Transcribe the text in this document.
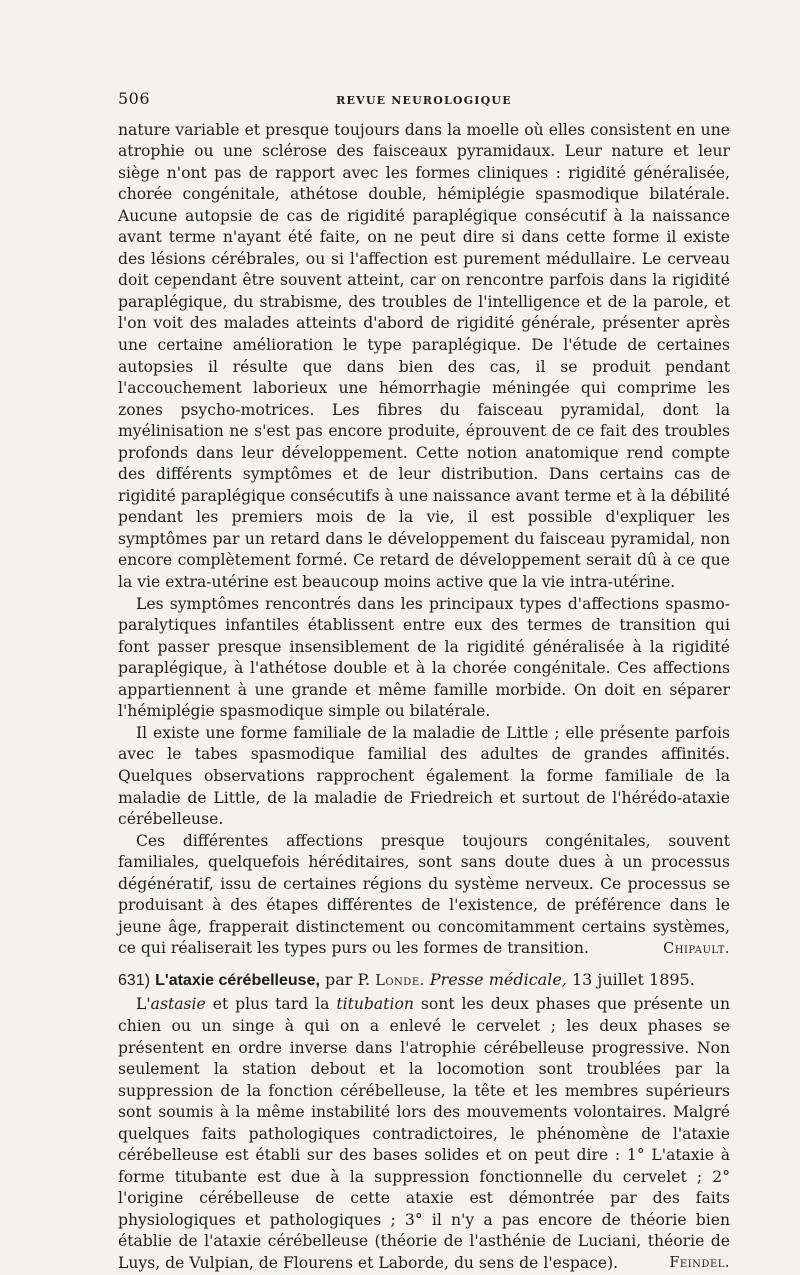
506	REVUE NEUROLOGIQUE

nature variable et presque toujours dans la moelle où elles consistent en une atrophie ou une sclérose des faisceaux pyramidaux. Leur nature et leur siège n'ont pas de rapport avec les formes cliniques : rigidité généralisée, chorée congénitale, athétose double, hémiplégie spasmodique bilatérale. Aucune autopsie de cas de rigidité paraplégique consécutif à la naissance avant terme n'ayant été faite, on ne peut dire si dans cette forme il existe des lésions cérébrales, ou si l'affection est purement médullaire. Le cerveau doit cependant être souvent atteint, car on rencontre parfois dans la rigidité paraplégique, du strabisme, des troubles de l'intelligence et de la parole, et l'on voit des malades atteints d'abord de rigidité générale, présenter après une certaine amélioration le type paraplégique. De l'étude de certaines autopsies il résulte que dans bien des cas, il se produit pendant l'accouchement laborieux une hémorrhagie méningée qui comprime les zones psycho-motrices. Les fibres du faisceau pyramidal, dont la myélinisation ne s'est pas encore produite, éprouvent de ce fait des troubles profonds dans leur développement. Cette notion anatomique rend compte des différents symptômes et de leur distribution. Dans certains cas de rigidité paraplégique consécutifs à une naissance avant terme et à la débilité pendant les premiers mois de la vie, il est possible d'expliquer les symptômes par un retard dans le développement du faisceau pyramidal, non encore complètement formé. Ce retard de développement serait dû à ce que la vie extra-utérine est beaucoup moins active que la vie intra-utérine.

Les symptômes rencontrés dans les principaux types d'affections spasmo-paralytiques infantiles établissent entre eux des termes de transition qui font passer presque insensiblement de la rigidité généralisée à la rigidité paraplégique, à l'athétose double et à la chorée congénitale. Ces affections appartiennent à une grande et même famille morbide. On doit en séparer l'hémiplégie spasmodique simple ou bilatérale.

Il existe une forme familiale de la maladie de Little ; elle présente parfois avec le tabes spasmodique familial des adultes de grandes affinités. Quelques observations rapprochent également la forme familiale de la maladie de Little, de la maladie de Friedreich et surtout de l'hérédo-ataxie cérébelleuse.

Ces différentes affections presque toujours congénitales, souvent familiales, quelquefois héréditaires, sont sans doute dues à un processus dégénératif, issu de certaines régions du système nerveux. Ce processus se produisant à des étapes différentes de l'existence, de préférence dans le jeune âge, frapperait distinctement ou concomitamment certains systèmes, ce qui réaliserait les types purs ou les formes de transition.	Chipault.
631) L'ataxie cérébelleuse, par P. Londe. Presse médicale, 13 juillet 1895.

L'astasie et plus tard la titubation sont les deux phases que présente un chien ou un singe à qui on a enlevé le cervelet ; les deux phases se présentent en ordre inverse dans l'atrophie cérébelleuse progressive. Non seulement la station debout et la locomotion sont troublées par la suppression de la fonction cérébelleuse, la tête et les membres supérieurs sont soumis à la même instabilité lors des mouvements volontaires. Malgré quelques faits pathologiques contradictoires, le phénomène de l'ataxie cérébelleuse est établi sur des bases solides et on peut dire : 1° L'ataxie à forme titubante est due à la suppression fonctionnelle du cervelet ; 2° l'origine cérébelleuse de cette ataxie est démontrée par des faits physiologiques et pathologiques ; 3° il n'y a pas encore de théorie bien établie de l'ataxie cérébelleuse (théorie de l'asthénie de Luciani, théorie de Luys, de Vulpian, de Flourens et Laborde, du sens de l'espace).	Feindel.
